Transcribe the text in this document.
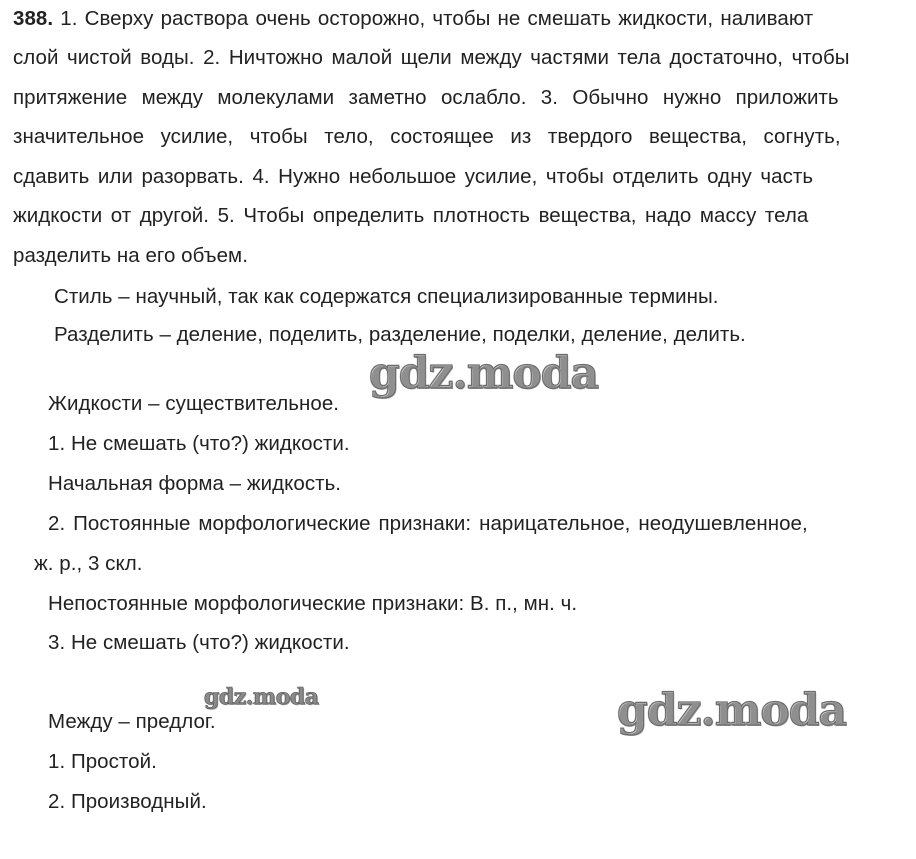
388. 1. Сверху раствора очень осторожно, чтобы не смешать жидкости, наливают
слой чистой воды. 2. Ничтожно малой щели между частями тела достаточно, чтобы
притяжение между молекулами заметно ослабло. 3. Обычно нужно приложить
значительное усилие, чтобы тело, состоящее из твердого вещества, согнуть,
сдавить или разорвать. 4. Нужно небольшое усилие, чтобы отделить одну часть
жидкости от другой. 5. Чтобы определить плотность вещества, надо массу тела
разделить на его объем.
Стиль – научный, так как содержатся специализированные термины.
Разделить – деление, поделить, разделение, поделки, деление, делить.
Жидкости – существительное.
1. Не смешать (что?) жидкости.
Начальная форма – жидкость.
2. Постоянные морфологические признаки: нарицательное, неодушевленное,
ж. р., 3 скл.
Непостоянные морфологические признаки: В. п., мн. ч.
3. Не смешать (что?) жидкости.
Между – предлог.
1. Простой.
2. Производный.
gdz.moda
gdz.moda	gdz.moda
